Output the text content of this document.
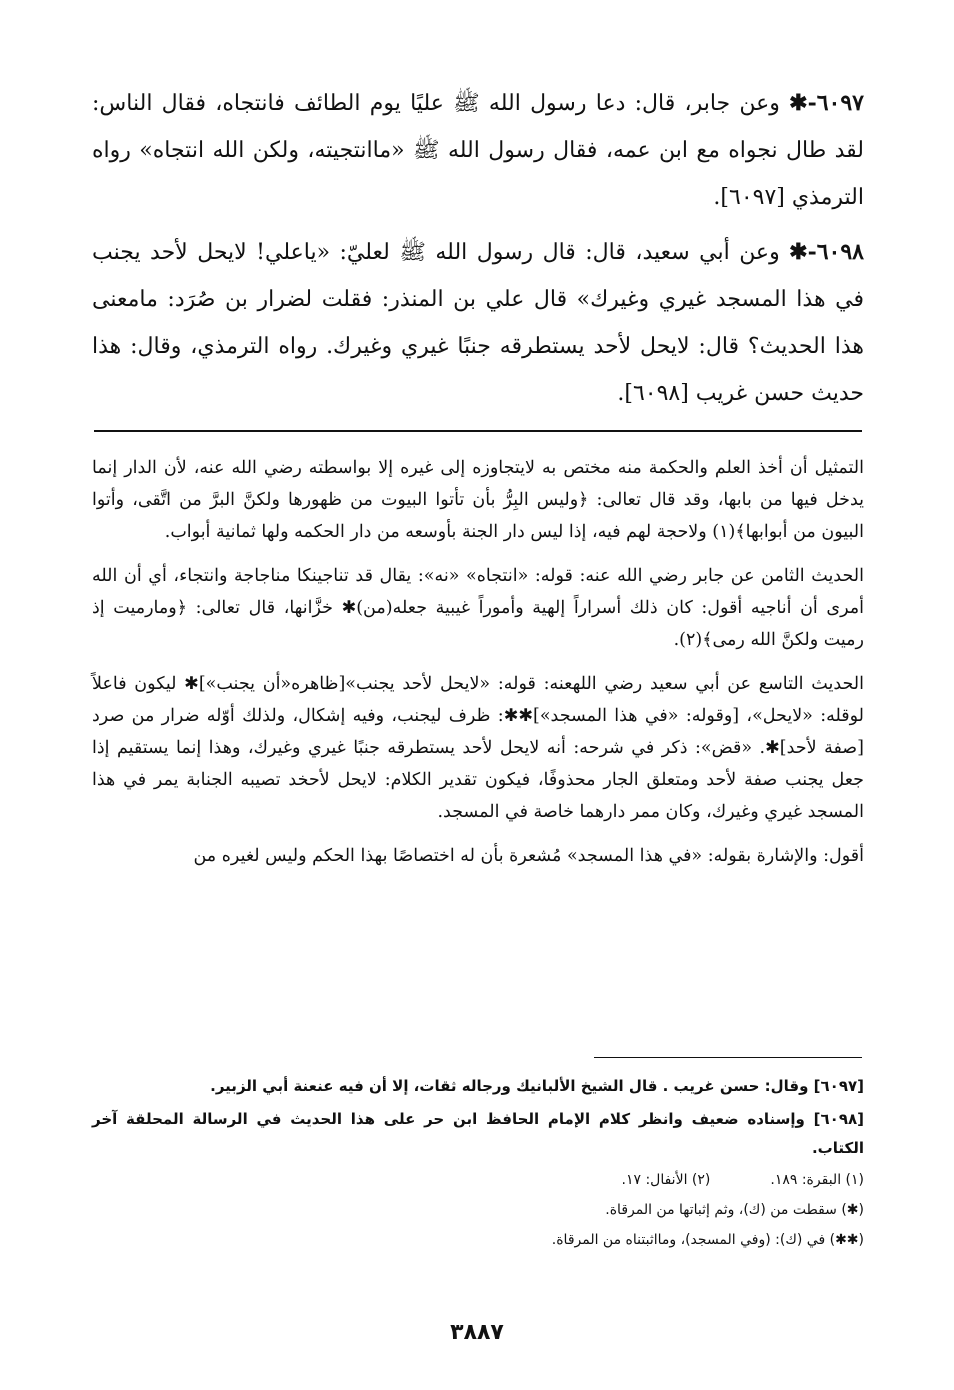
٦٠٩٧-✱ وعن جابر، قال: دعا رسول الله ﷺ عليًا يوم الطائف فانتجاه، فقال الناس: لقد طال نجواه مع ابن عمه، فقال رسول الله ﷺ «ماانتجيته، ولكن الله انتجاه» رواه الترمذي [٦٠٩٧].

٦٠٩٨-✱ وعن أبي سعيد، قال: قال رسول الله ﷺ لعليّ: «ياعلي! لايحل لأحد يجنب في هذا المسجد غيري وغيرك» قال علي بن المنذر: فقلت لضرار بن صُرَد: مامعنى هذا الحديث؟ قال: لايحل لأحد يستطرقه جنبًا غيري وغيرك. رواه الترمذي، وقال: هذا حديث حسن غريب [٦٠٩٨].

التمثيل أن أخذ العلم والحكمة منه مختص به لايتجاوزه إلى غيره إلا بواسطته رضي الله عنه، لأن الدار إنما يدخل فيها من بابها، وقد قال تعالى: ﴿وليس البِرُّ بأن تأتوا البيوت من ظهورها ولكنَّ البرَّ من اتَّقى، وأتوا البيون من أبوابها﴾(١) ولاحجة لهم فيه، إذا ليس دار الجنة بأوسعه من دار الحكمه ولها ثمانية أبواب.

الحديث الثامن عن جابر رضي الله عنه: قوله: «انتجاه» «نه»: يقال قد تناجينكا مناجاجة وانتجاء، أي أن الله أمرى أن أناجيه أقول: كان ذلك أسراراً إلهية وأموراً غيبية جعله(من)✱ خزَّانها، قال تعالى: ﴿ومارميت إذ رميت ولكنَّ الله رمى﴾(٢).

الحديث التاسع عن أبي سعيد رضي اللهعنه: قوله: «لايحل لأحد يجنب»[ظاهره«أن يجنب»]✱ ليكون فاعلاً لوقله: «لايحل»، [وقوله: «في هذا المسجد»]✱✱: ظرف ليجنب، وفيه إشكال، ولذلك أوّله ضرار من صرد [صفة لأحد]✱. «قض»: ذكر في شرحه: أنه لايحل لأحد يستطرقه جنبًا غيري وغيرك، وهذا إنما يستقيم إذا جعل يجنب صفة لأحد ومتعلق الجار محذوفًا، فيكون تقدير الكلام: لايحل لأحخد تصيبه الجنابة يمر في هذا المسجد غيري وغيرك، وكان ممر دارهما خاصة في المسجد.

أقول: والإشارة بقوله: «في هذا المسجد» مُشعرة بأن له اختصاصًا بهذا الحكم وليس لغيره من

[٦٠٩٧] وقال: حسن غريب . قال الشيخ الألبانيك ورجاله ثقات، إلا أن فيه عنعنة أبي الزبير.

[٦٠٩٨] وإسناده ضعيف وانظر كلام الإمام الحافظ ابن حر على هذا الحديث في الرسالة المحلقة آخر الكتاب.

(١) البقرة: ١٨٩.
(٢) الأنفال: ١٧.

(✱) سقطت من (ك)، وثم إثباتها من المرقاة.

(✱✱) في (ك): (وفي المسجد)، ومااثبتناه من المرقاة.

٣٨٨٧
